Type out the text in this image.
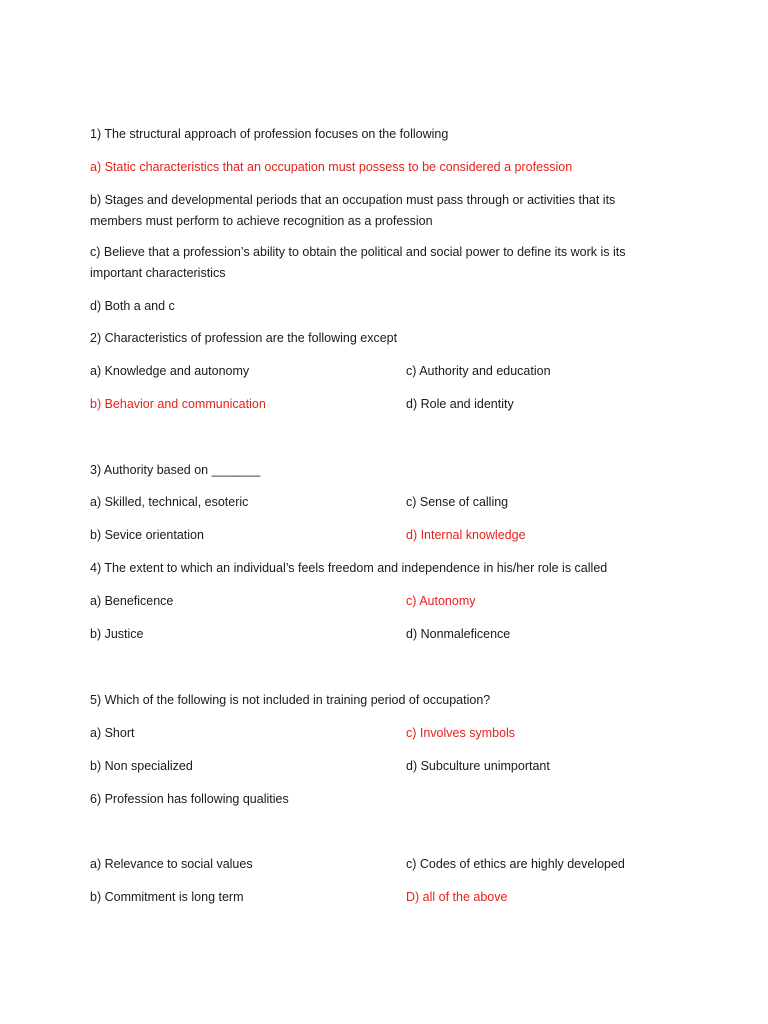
1) The structural approach of profession focuses on the following
a) Static characteristics that an occupation must possess to be considered a profession
b) Stages and developmental periods that an occupation must pass through or activities that its members must perform to achieve recognition as a profession
c) Believe that a profession’s ability to obtain the political and social power to define its work is its important characteristics
d) Both a and c
2) Characteristics of profession are the following except
a) Knowledge and autonomy	c) Authority and education
b) Behavior and communication	d) Role and identity
3) Authority based on _______
a) Skilled, technical, esoteric	c) Sense of calling
b) Sevice orientation	d) Internal knowledge
4) The extent to which an individual’s feels freedom and independence in his/her role is called
a) Beneficence	c) Autonomy
b) Justice	d) Nonmaleficence
5) Which of the following is not included in training period of occupation?
a) Short	c) Involves symbols
b) Non specialized	d) Subculture unimportant
6) Profession has following qualities
a) Relevance to social values	c) Codes of ethics are highly developed
b) Commitment is long term	D) all of the above
